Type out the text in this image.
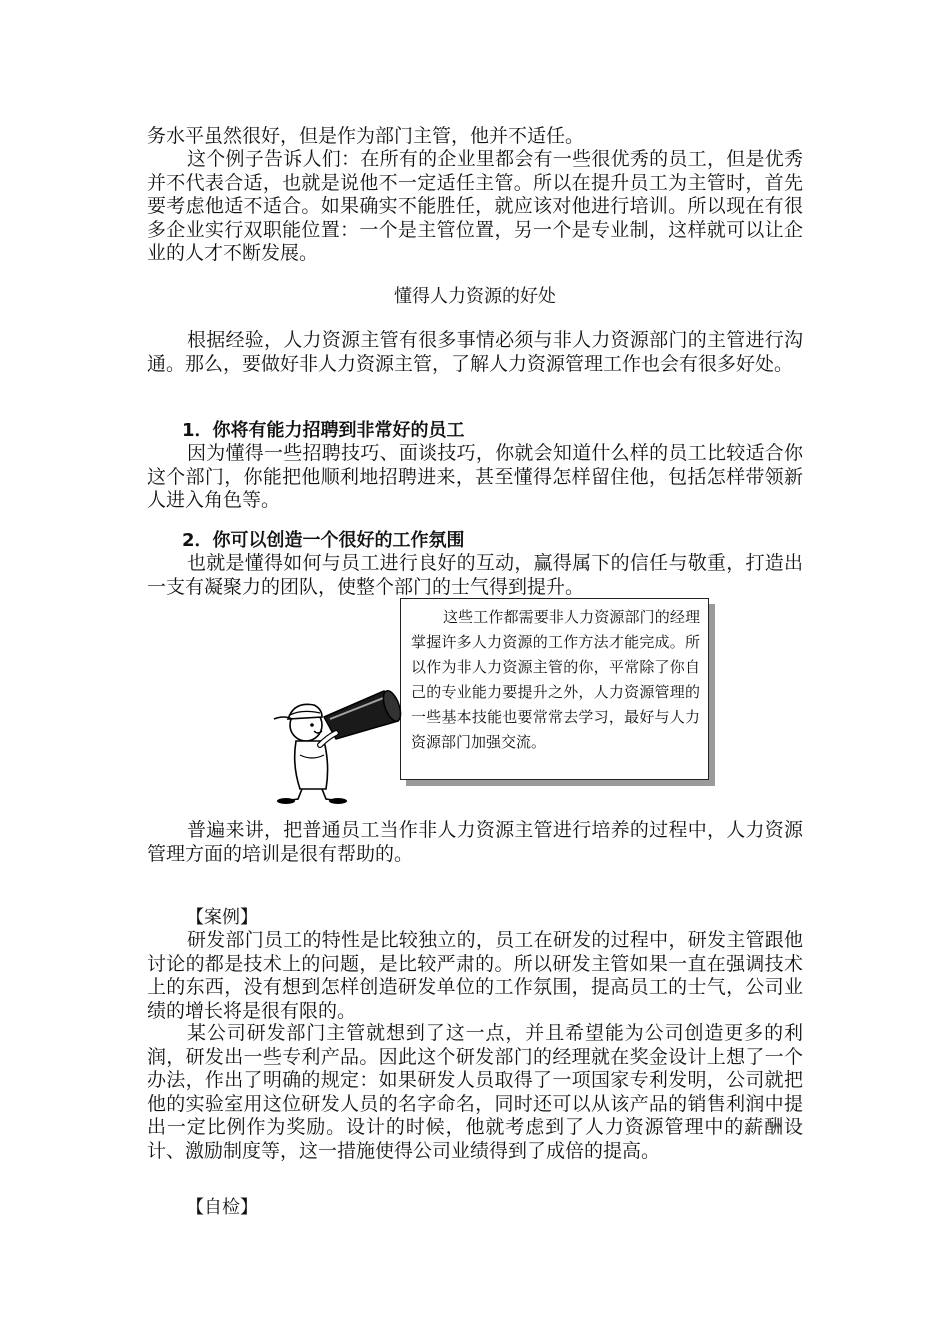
务水平虽然很好，但是作为部门主管，他并不适任。

这个例子告诉人们：在所有的企业里都会有一些很优秀的员工，但是优秀并不代表合适，也就是说他不一定适任主管。所以在提升员工为主管时，首先要考虑他适不适合。如果确实不能胜任，就应该对他进行培训。所以现在有很多企业实行双职能位置：一个是主管位置，另一个是专业制，这样就可以让企业的人才不断发展。

懂得人力资源的好处

根据经验，人力资源主管有很多事情必须与非人力资源部门的主管进行沟通。那么，要做好非人力资源主管，了解人力资源管理工作也会有很多好处。

1．你将有能力招聘到非常好的员工

因为懂得一些招聘技巧、面谈技巧，你就会知道什么样的员工比较适合你这个部门，你能把他顺利地招聘进来，甚至懂得怎样留住他，包括怎样带领新人进入角色等。

2．你可以创造一个很好的工作氛围

也就是懂得如何与员工进行良好的互动，赢得属下的信任与敬重，打造出一支有凝聚力的团队，使整个部门的士气得到提升。

这些工作都需要非人力资源部门的经理掌握许多人力资源的工作方法才能完成。所以作为非人力资源主管的你，平常除了你自己的专业能力要提升之外，人力资源管理的一些基本技能也要常常去学习，最好与人力资源部门加强交流。

普遍来讲，把普通员工当作非人力资源主管进行培养的过程中，人力资源管理方面的培训是很有帮助的。

【案例】

研发部门员工的特性是比较独立的，员工在研发的过程中，研发主管跟他讨论的都是技术上的问题，是比较严肃的。所以研发主管如果一直在强调技术上的东西，没有想到怎样创造研发单位的工作氛围，提高员工的士气，公司业绩的增长将是很有限的。

某公司研发部门主管就想到了这一点，并且希望能为公司创造更多的利润，研发出一些专利产品。因此这个研发部门的经理就在奖金设计上想了一个办法，作出了明确的规定：如果研发人员取得了一项国家专利发明，公司就把他的实验室用这位研发人员的名字命名，同时还可以从该产品的销售利润中提出一定比例作为奖励。设计的时候，他就考虑到了人力资源管理中的薪酬设计、激励制度等，这一措施使得公司业绩得到了成倍的提高。

【自检】
